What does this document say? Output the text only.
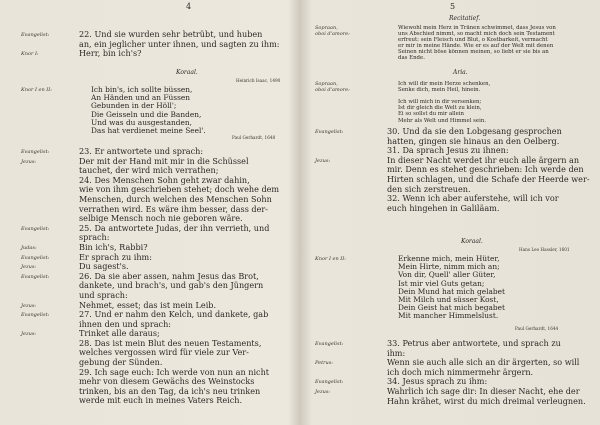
4
Evangelist:	22. Und sie wurden sehr betrübt, und huben
an, ein jeglicher unter ihnen, und sagten zu ihm:
Knor I:	Herr, bin ich's?
Koraal.
Heinrich Isaac, 1490
Knor I en II:	Ich bin's, ich sollte büssen,
An Händen und an Füssen
Gebunden in der Höll';
Die Geisseln und die Banden,
Und was du ausgestanden,
Das hat verdienet meine Seel'.
Paul Gerhardt, 1648
Evangelist:	23. Er antwortete und sprach:
Jezus:	Der mit der Hand mit mir in die Schüssel
tauchet, der wird mich verrathen;
24. Des Menschen Sohn geht zwar dahin,
wie von ihm geschrieben stehet; doch wehe dem
Menschen, durch welchen des Menschen Sohn
verrathen wird. Es wäre ihm besser, dass der-
selbige Mensch noch nie geboren wäre.
Evangelist:	25. Da antwortete Judas, der ihn verrieth, und
sprach:
Judas:	Bin ich's, Rabbi?
Evangelist:	Er sprach zu ihm:
Jezus:	Du sagest's.
Evangelist:	26. Da sie aber assen, nahm Jesus das Brot,
dankete, und brach's, und gab's den Jüngern
und sprach:
Jezus:	Nehmet, esset; das ist mein Leib.
Evangelist:	27. Und er nahm den Kelch, und dankete, gab
ihnen den und sprach:
Jezus:	Trinket alle daraus;
28. Das ist mein Blut des neuen Testaments,
welches vergossen wird für viele zur Ver-
gebung der Sünden.
29. Ich sage euch: Ich werde von nun an nicht
mehr von diesem Gewächs des Weinstocks
trinken, bis an den Tag, da ich's neu trinken
werde mit euch in meines Vaters Reich.
5
Recitatief.
Sopraan,	Wiewohl mein Herz in Tränen schwimmet, dass Jesus von
oboi d'amore:	uns Abschied nimmt, so macht mich doch sein Testament
erfreut: sein Fleisch und Blut, o Kostbarkeit, vermacht
er mir in meine Hände. Wie er es auf der Welt mit denen
Seinen nicht böse können meinen, so liebt er sie bis an
das Ende.
Aria.
Sopraan,	Ich will dir mein Herze schenken,
oboi d'amore:	Senke dich, mein Heil, hinein.

Ich will mich in dir versenken;
Ist dir gleich die Welt zu klein,
Ei so sollst du mir allein
Mehr als Welt und Himmel sein.
Evangelist:	30. Und da sie den Lobgesang gesprochen
hatten, gingen sie hinaus an den Oelberg.
31. Da sprach Jesus zu ihnen:
Jezus:	In dieser Nacht werdet ihr euch alle ärgern an
mir. Denn es stehet geschrieben: Ich werde den
Hirten schlagen, und die Schafe der Heerde wer-
den sich zerstreuen.
32. Wenn ich aber auferstehe, will ich vor
euch hingehen in Galiläam.
Koraal.
Hans Leo Hassler, 1601
Knor I en II:	Erkenne mich, mein Hüter,
Mein Hirte, nimm mich an;
Von dir, Quell' aller Güter,
Ist mir viel Guts getan;
Dein Mund hat mich gelabet
Mit Milch und süsser Kost,
Dein Geist hat mich begabet
Mit mancher Himmelslust.
Paul Gerhardt, 1644
Evangelist:	33. Petrus aber antwortete, und sprach zu
ihm:
Petrus:	Wenn sie auch alle sich an dir ärgerten, so will
ich doch mich nimmermehr ärgern.
Evangelist:	34. Jesus sprach zu ihm:
Jezus:	Wahrlich ich sage dir: In dieser Nacht, ehe der
Hahn krähet, wirst du mich dreimal verleugnen.
